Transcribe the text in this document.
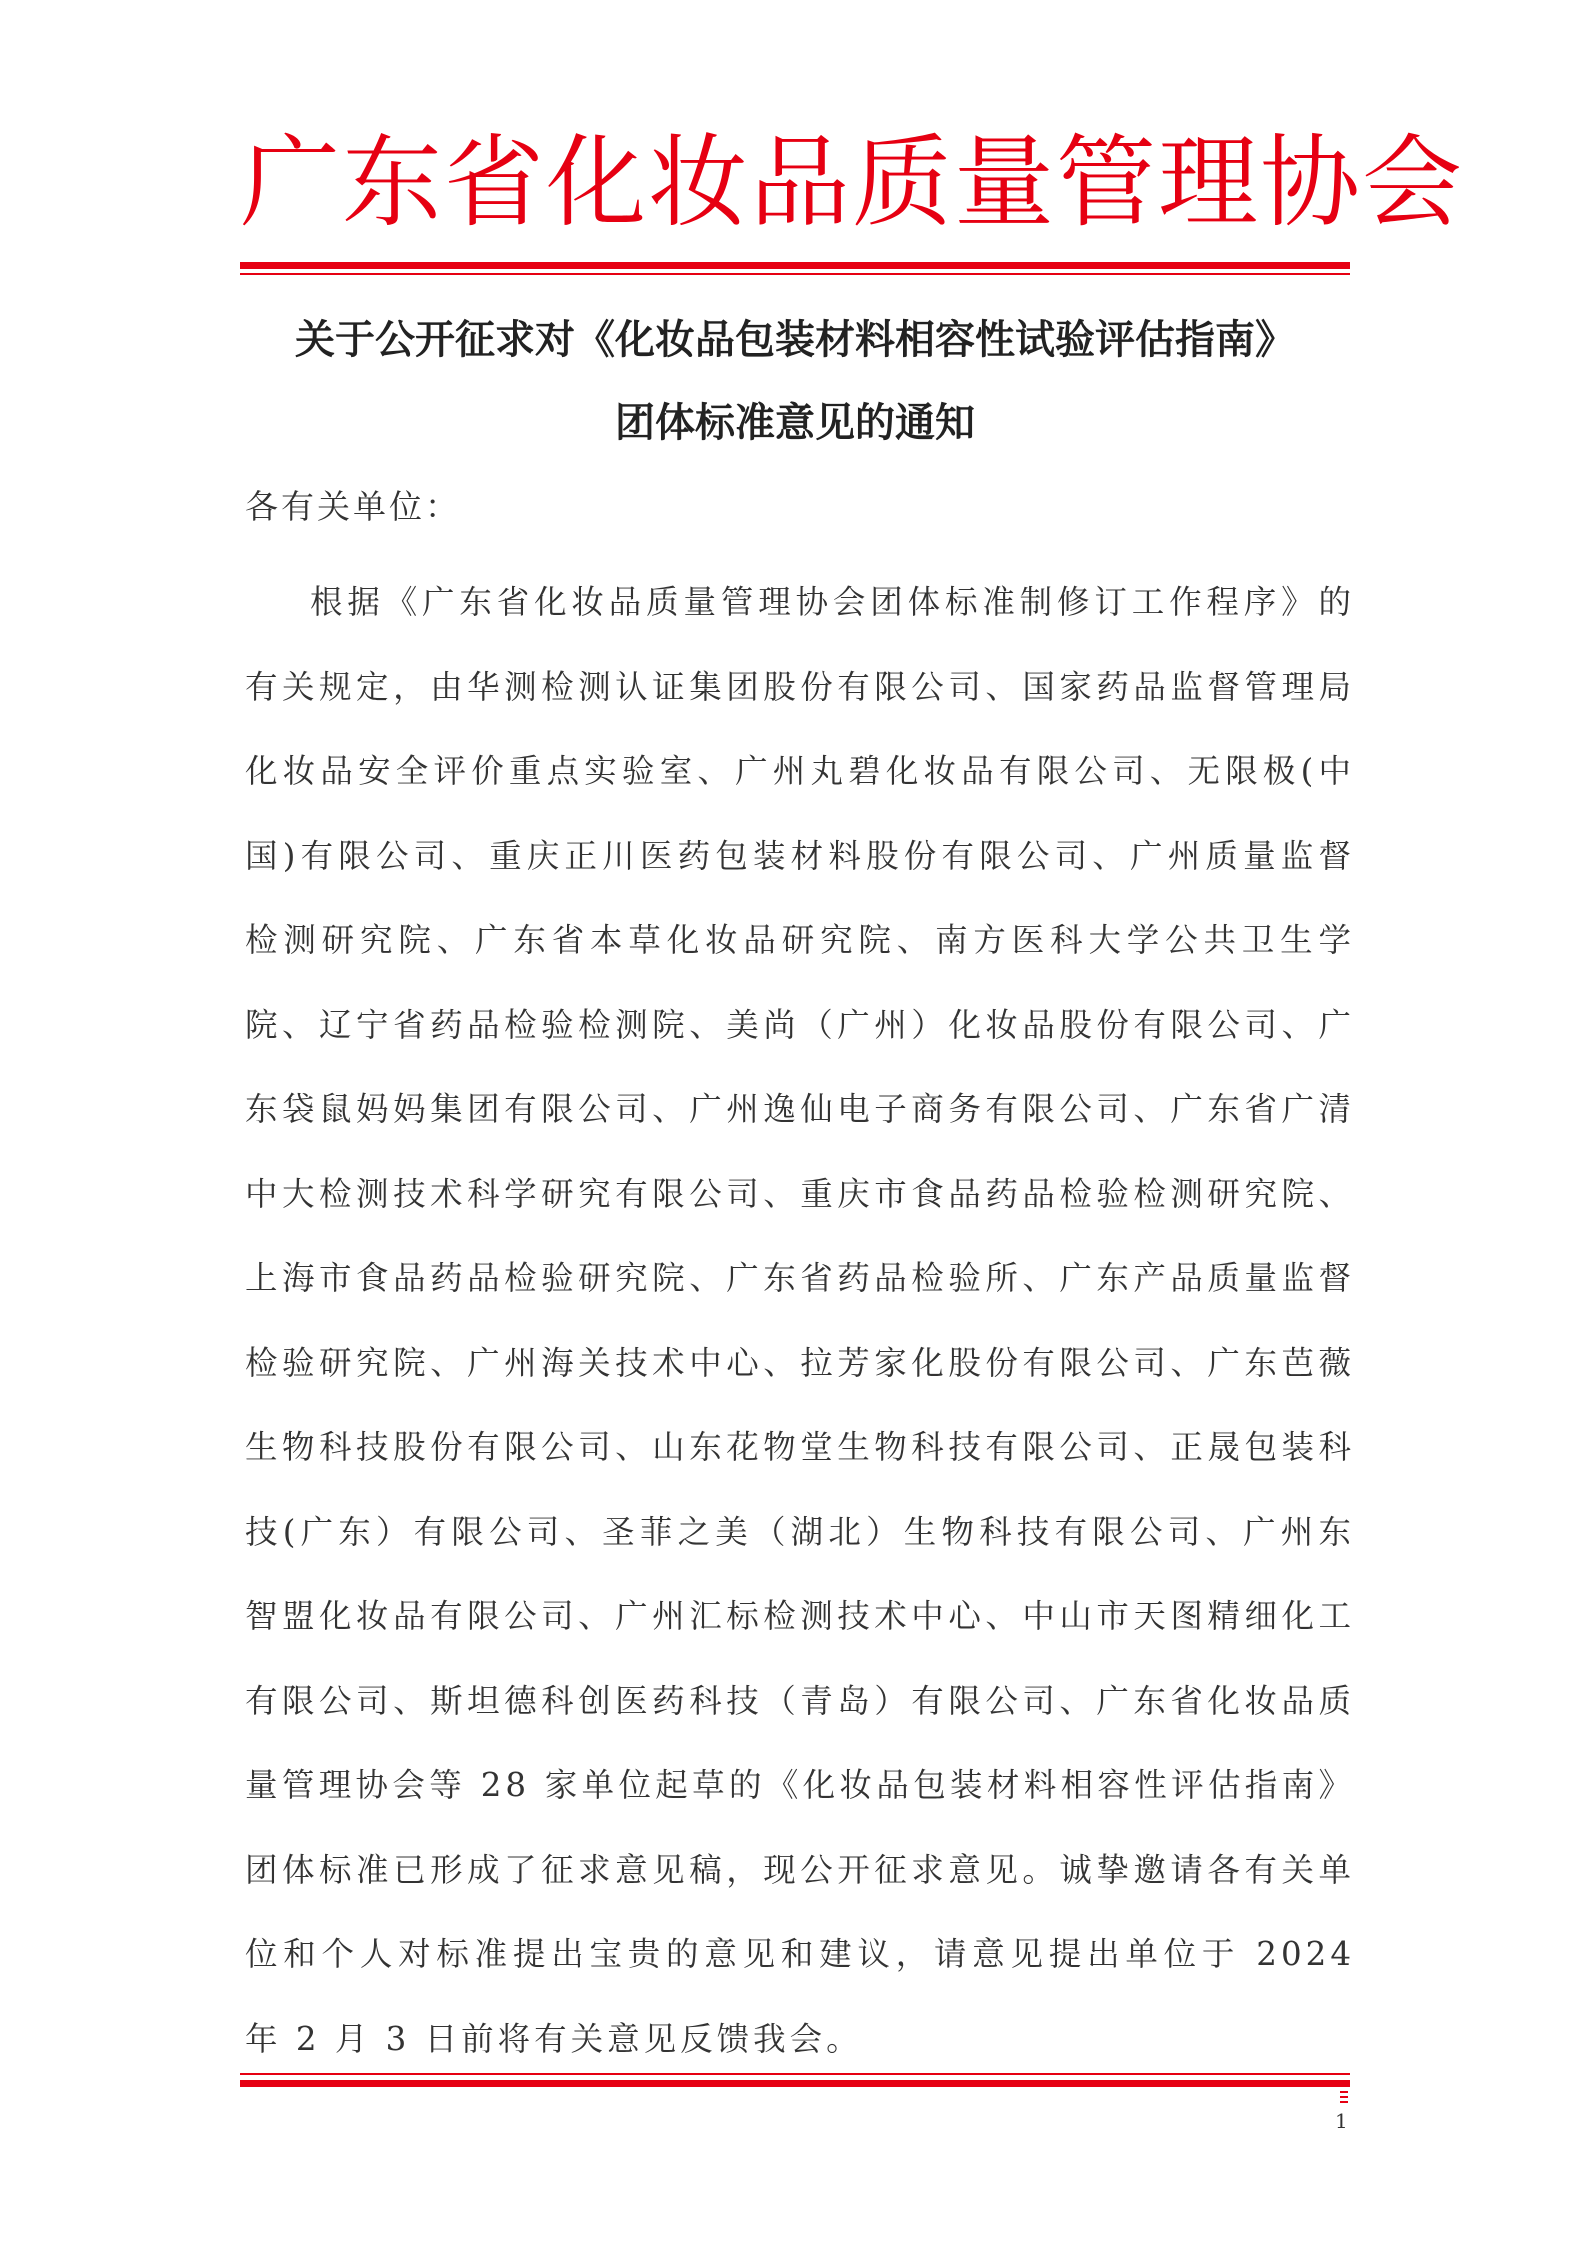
广东省化妆品质量管理协会
关于公开征求对《化妆品包装材料相容性试验评估指南》
团体标准意见的通知
各有关单位：

根据《广东省化妆品质量管理协会团体标准制修订工作程序》的有关规定，由华测检测认证集团股份有限公司、国家药品监督管理局化妆品安全评价重点实验室、广州丸碧化妆品有限公司、无限极(中国)有限公司、重庆正川医药包装材料股份有限公司、广州质量监督检测研究院、广东省本草化妆品研究院、南方医科大学公共卫生学院、辽宁省药品检验检测院、美尚（广州）化妆品股份有限公司、广东袋鼠妈妈集团有限公司、广州逸仙电子商务有限公司、广东省广清中大检测技术科学研究有限公司、重庆市食品药品检验检测研究院、上海市食品药品检验研究院、广东省药品检验所、广东产品质量监督检验研究院、广州海关技术中心、拉芳家化股份有限公司、广东芭薇生物科技股份有限公司、山东花物堂生物科技有限公司、正晟包装科技(广东）有限公司、圣菲之美（湖北）生物科技有限公司、广州东智盟化妆品有限公司、广州汇标检测技术中心、中山市天图精细化工有限公司、斯坦德科创医药科技（青岛）有限公司、广东省化妆品质量管理协会等 28 家单位起草的《化妆品包装材料相容性评估指南》团体标准已形成了征求意见稿，现公开征求意见。诚挚邀请各有关单位和个人对标准提出宝贵的意见和建议，请意见提出单位于 2024 年 2 月 3 日前将有关意见反馈我会。

1
